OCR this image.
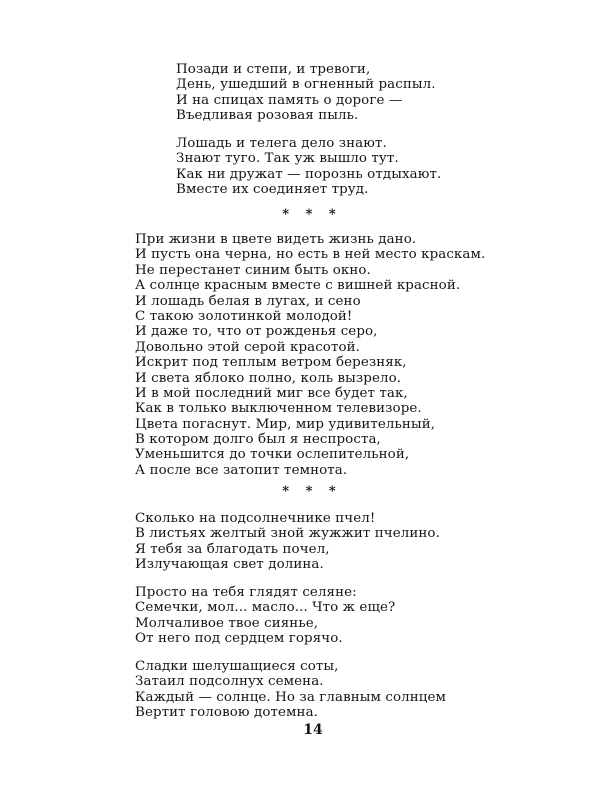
Позади и степи, и тревоги,
День, ушедший в огненный распыл.
И на спицах память о дороге —
Въедливая розовая пыль.
Лошадь и телега дело знают.
Знают туго. Так уж вышло тут.
Как ни дружат — порознь отдыхают.
Вместе их соединяет труд.
* * *
При жизни в цвете видеть жизнь дано.
И пусть она черна, но есть в ней место краскам.
Не перестанет синим быть окно.
А солнце красным вместе с вишней красной.
И лошадь белая в лугах, и сено
С такою золотинкой молодой!
И даже то, что от рожденья серо,
Довольно этой серой красотой.
Искрит под теплым ветром березняк,
И света яблоко полно, коль вызрело.
И в мой последний миг все будет так,
Как в только выключенном телевизоре.
Цвета погаснут. Мир, мир удивительный,
В котором долго был я неспроста,
Уменьшится до точки ослепительной,
А после все затопит темнота.
* * *
Сколько на подсолнечнике пчел!
В листьях желтый зной жужжит пчелино.
Я тебя за благодать почел,
Излучающая свет долина.
Просто на тебя глядят селяне:
Семечки, мол... масло... Что ж еще?
Молчаливое твое сиянье,
От него под сердцем горячо.
Сладки шелушащиеся соты,
Затаил подсолнух семена.
Каждый — солнце. Но за главным солнцем
Вертит головою дотемна.
14
